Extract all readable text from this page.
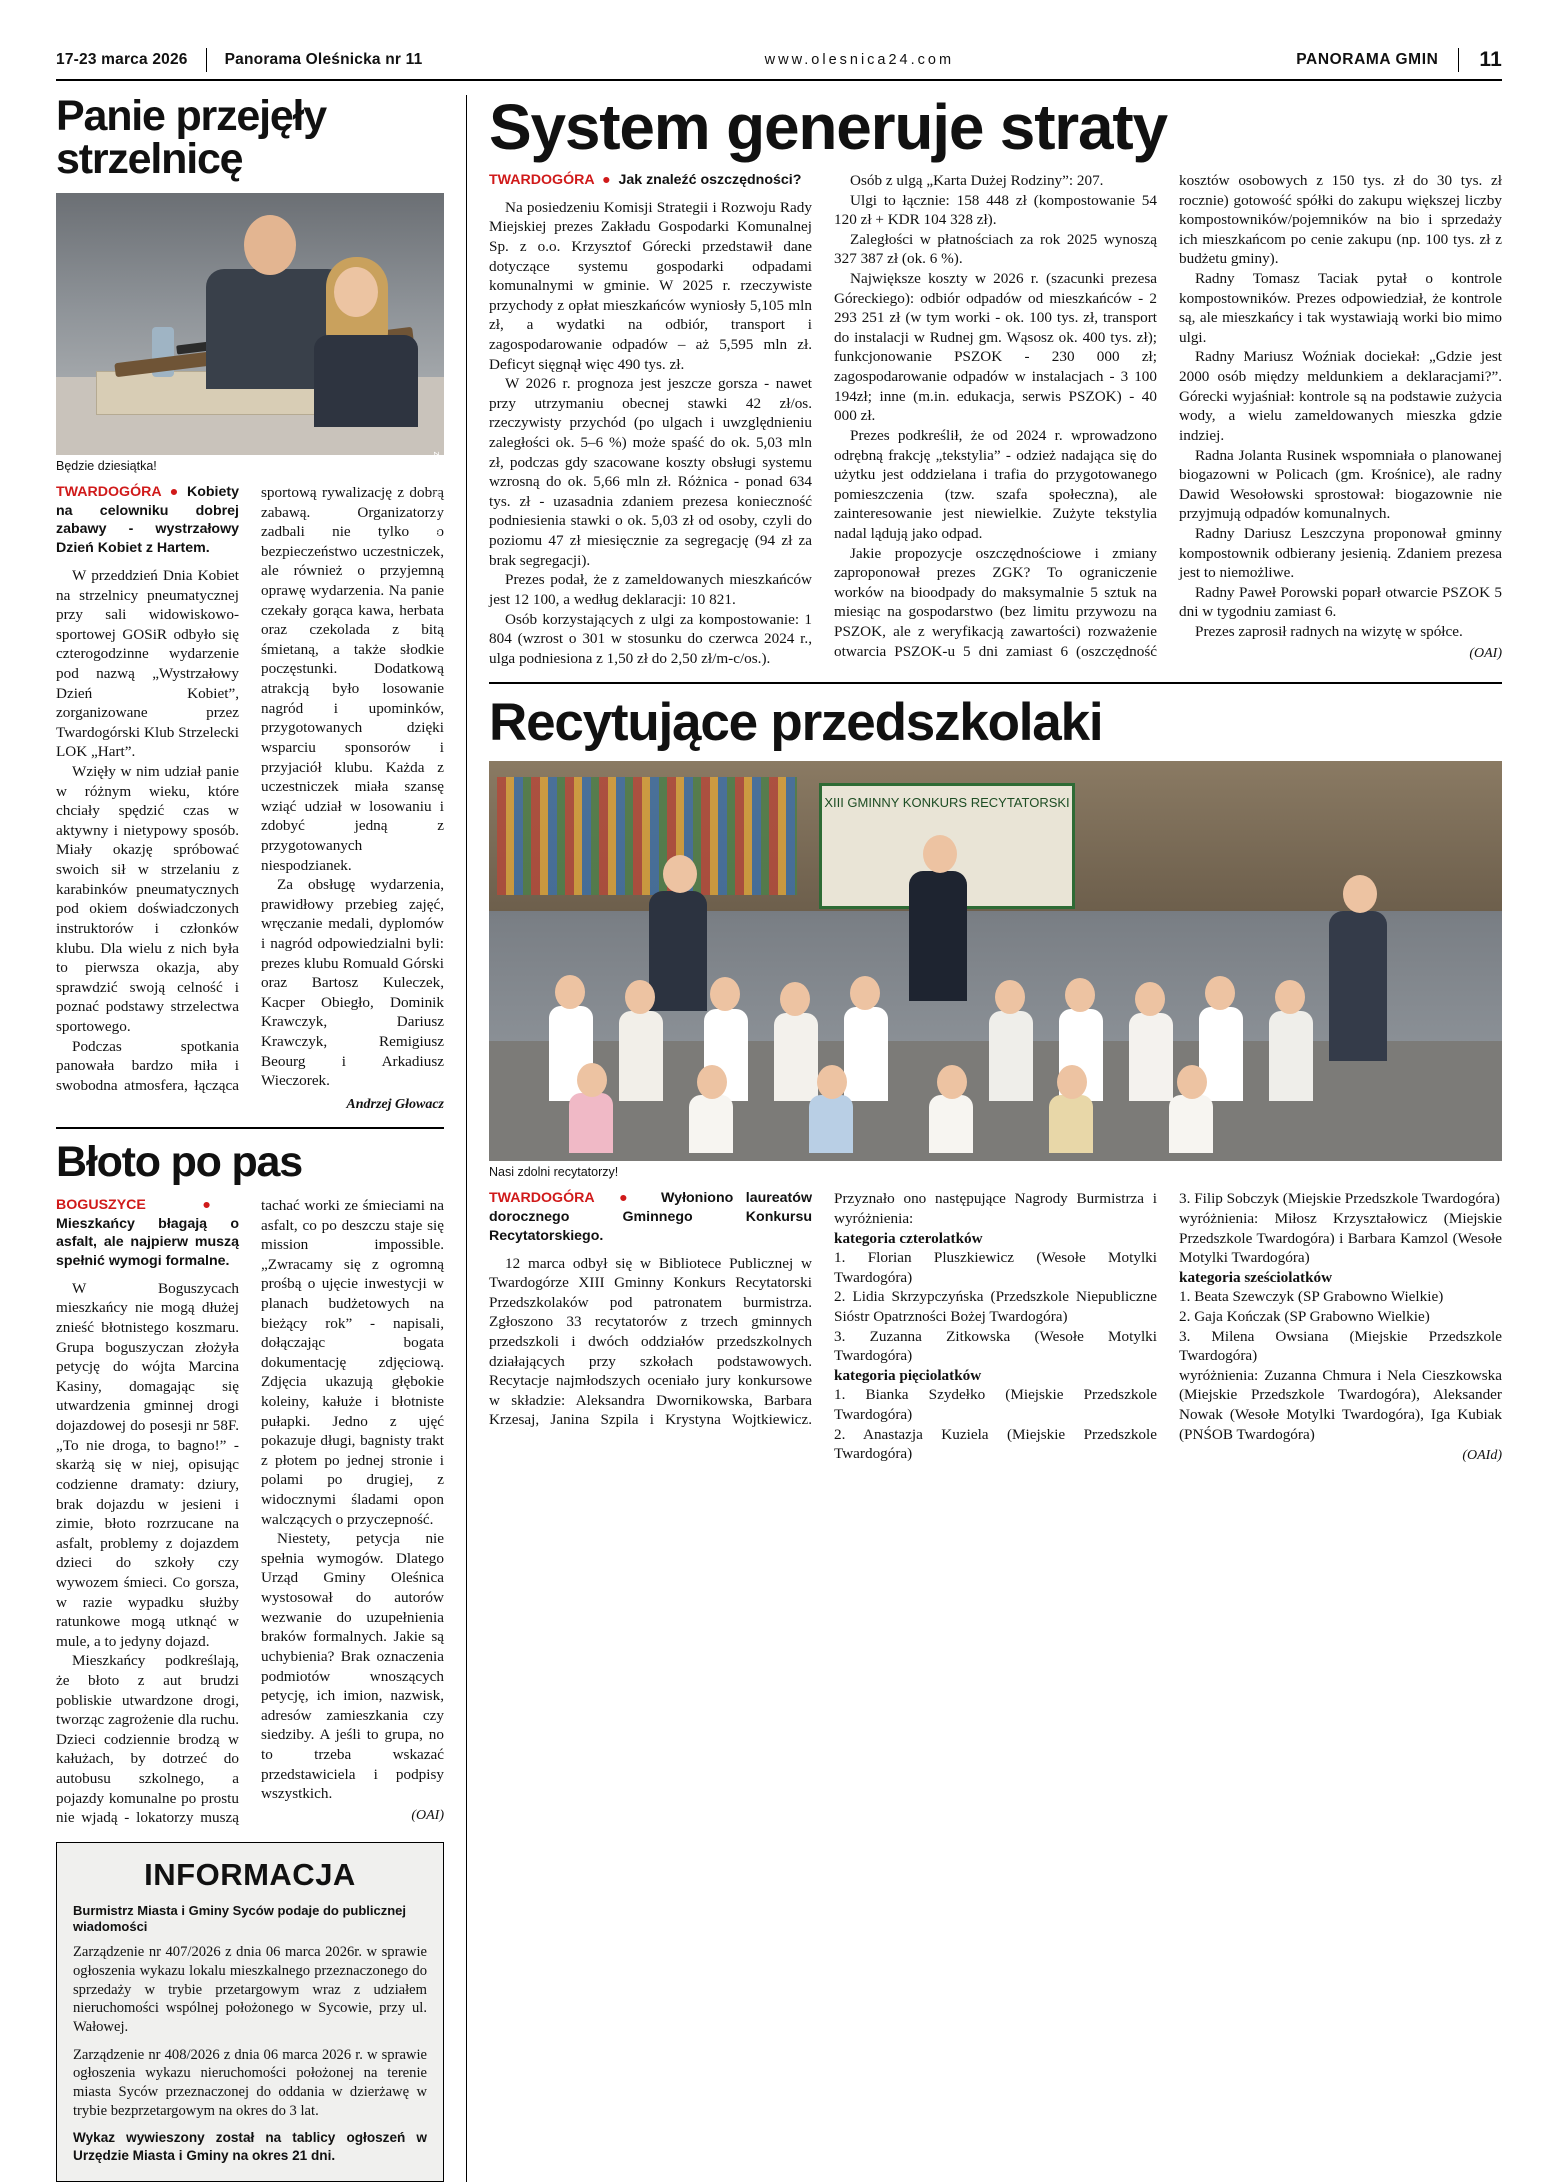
17-23 marca 2026 Panorama Oleśnicka nr 11	www.olesnica24.com	PANORAMA GMIN	11
Panie przejęły strzelnicę
Fot. Andrzej Głowacz
Będzie dziesiątka!
TWARDOGÓRA  ●  Kobiety na celowniku dobrej zabawy - wystrzałowy Dzień Kobiet z Hartem.

W przeddzień Dnia Kobiet na strzelnicy pneumatycznej przy sali widowiskowo-sportowej GOSiR odbyło się czterogodzinne wydarzenie pod nazwą „Wystrzałowy Dzień Kobiet”, zorganizowane przez Twardogórski Klub Strzelecki LOK „Hart”.

Wzięły w nim udział panie w różnym wieku, które chciały spędzić czas w aktywny i nietypowy sposób. Miały okazję spróbować swoich sił w strzelaniu z karabinków pneumatycznych pod okiem doświadczonych instruktorów i członków klubu. Dla wielu z nich była to pierwsza okazja, aby sprawdzić swoją celność i poznać podstawy strzelectwa sportowego.

Podczas spotkania panowała bardzo miła i swobodna atmosfera, łącząca sportową rywalizację z dobrą zabawą. Organizatorzy zadbali nie tylko o bezpieczeństwo uczestniczek, ale również o przyjemną oprawę wydarzenia. Na panie czekały gorąca kawa, herbata oraz czekolada z bitą śmietaną, a także słodkie poczęstunki. Dodatkową atrakcją było losowanie nagród i upominków, przygotowanych dzięki wsparciu sponsorów i przyjaciół klubu. Każda z uczestniczek miała szansę wziąć udział w losowaniu i zdobyć jedną z przygotowanych niespodzianek.

Za obsługę wydarzenia, prawidłowy przebieg zajęć, wręczanie medali, dyplomów i nagród odpowiedzialni byli: prezes klubu Romuald Górski oraz Bartosz Kuleczek, Kacper Obiegło, Dominik Krawczyk, Dariusz Krawczyk, Remigiusz Beourg i Arkadiusz Wieczorek.

Andrzej Głowacz
Błoto po pas
BOGUSZYCE  ●  Mieszkańcy błagają o asfalt, ale najpierw muszą spełnić wymogi formalne.

W Boguszycach mieszkańcy nie mogą dłużej znieść błotnistego koszmaru. Grupa boguszyczan złożyła petycję do wójta Marcina Kasiny, domagając się utwardzenia gminnej drogi dojazdowej do posesji nr 58F. „To nie droga, to bagno!” - skarżą się w niej, opisując codzienne dramaty: dziury, brak dojazdu w jesieni i zimie, błoto rozrzucane na asfalt, problemy z dojazdem dzieci do szkoły czy wywozem śmieci. Co gorsza, w razie wypadku służby ratunkowe mogą utknąć w mule, a to jedyny dojazd.

Mieszkańcy podkreślają, że błoto z aut brudzi pobliskie utwardzone drogi, tworząc zagrożenie dla ruchu. Dzieci codziennie brodzą w kałużach, by dotrzeć do autobusu szkolnego, a pojazdy komunalne po prostu nie wjadą - lokatorzy muszą tachać worki ze śmieciami na asfalt, co po deszczu staje się mission impossible. „Zwracamy się z ogromną prośbą o ujęcie inwestycji w planach budżetowych na bieżący rok” - napisali, dołączając bogata dokumentację zdjęciową. Zdjęcia ukazują głębokie koleiny, kałuże i błotniste pułapki. Jedno z ujęć pokazuje długi, bagnisty trakt z płotem po jednej stronie i polami po drugiej, z widocznymi śladami opon walczących o przyczepność.

Niestety, petycja nie spełnia wymogów. Dlatego Urząd Gminy Oleśnica wystosował do autorów wezwanie do uzupełnienia braków formalnych. Jakie są uchybienia? Brak oznaczenia podmiotów wnoszących petycję, ich imion, nazwisk, adresów zamieszkania czy siedziby. A jeśli to grupa, no to trzeba wskazać przedstawiciela i podpisy wszystkich.

(OAI)
INFORMACJA
Burmistrz Miasta i Gminy Syców podaje do publicznej wiadomości

Zarządzenie nr 407/2026 z dnia 06 marca 2026r. w sprawie ogłoszenia wykazu lokalu mieszkalnego przeznaczonego do sprzedaży w trybie przetargowym wraz z udziałem nieruchomości wspólnej położonego w Sycowie, przy ul. Wałowej.

Zarządzenie nr 408/2026 z dnia 06 marca 2026 r. w sprawie ogłoszenia wykazu nieruchomości położonej na terenie miasta Syców przeznaczonej do oddania w dzierżawę w trybie bezprzetargowym na okres do 3 lat.

Wykaz wywieszony został na tablicy ogłoszeń w Urzędzie Miasta i Gminy na okres 21 dni.

System generuje straty
TWARDOGÓRA  ●  Jak znaleźć oszczędności?

Na posiedzeniu Komisji Strategii i Rozwoju Rady Miejskiej prezes Zakładu Gospodarki Komunalnej Sp. z o.o. Krzysztof Górecki przedstawił dane dotyczące systemu gospodarki odpadami komunalnymi w gminie. W 2025 r. rzeczywiste przychody z opłat mieszkańców wyniosły 5,105 mln zł, a wydatki na odbiór, transport i zagospodarowanie odpadów – aż 5,595 mln zł. Deficyt sięgnął więc 490 tys. zł.

W 2026 r. prognoza jest jeszcze gorsza - nawet przy utrzymaniu obecnej stawki 42 zł/os. rzeczywisty przychód (po ulgach i uwzględnieniu zaległości ok. 5–6 %) może spaść do ok. 5,03 mln zł, podczas gdy szacowane koszty obsługi systemu wzrosną do ok. 5,66 mln zł. Różnica - ponad 634 tys. zł - uzasadnia zdaniem prezesa konieczność podniesienia stawki o ok. 5,03 zł od osoby, czyli do poziomu 47 zł miesięcznie za segregację (94 zł za brak segregacji).

Prezes podał, że z zameldowanych mieszkańców jest 12 100, a według deklaracji: 10 821.

Osób korzystających z ulgi za kompostowanie: 1 804 (wzrost o 301 w stosunku do czerwca 2024 r., ulga podniesiona z 1,50 zł do 2,50 zł/m-c/os.).

Osób z ulgą „Karta Dużej Rodziny”: 207.

Ulgi to łącznie: 158 448 zł (kompostowanie 54 120 zł + KDR 104 328 zł).

Zaległości w płatnościach za rok 2025 wynoszą 327 387 zł (ok. 6 %).

Największe koszty w 2026 r. (szacunki prezesa Góreckiego): odbiór odpadów od mieszkańców - 2 293 251 zł (w tym worki - ok. 100 tys. zł, transport do instalacji w Rudnej gm. Wąsosz ok. 400 tys. zł); funkcjonowanie PSZOK - 230 000 zł; zagospodarowanie odpadów w instalacjach - 3 100 194zł; inne (m.in. edukacja, serwis PSZOK) - 40 000 zł.

Prezes podkreślił, że od 2024 r. wprowadzono odrębną frakcję „tekstylia” - odzież nadająca się do użytku jest oddzielana i trafia do przygotowanego pomieszczenia (tzw. szafa społeczna), ale zainteresowanie jest niewielkie. Zużyte tekstylia nadal lądują jako odpad.

Jakie propozycje oszczędnościowe i zmiany zaproponował prezes ZGK? To ograniczenie worków na bioodpady do maksymalnie 5 sztuk na miesiąc na gospodarstwo (bez limitu przywozu na PSZOK, ale z weryfikacją zawartości) rozważenie otwarcia PSZOK-u 5 dni zamiast 6 (oszczędność kosztów osobowych z 150 tys. zł do 30 tys. zł rocznie) gotowość spółki do zakupu większej liczby kompostowników/pojemników na bio i sprzedaży ich mieszkańcom po cenie zakupu (np. 100 tys. zł z budżetu gminy).

Radny Tomasz Taciak pytał o kontrole kompostowników. Prezes odpowiedział, że kontrole są, ale mieszkańcy i tak wystawiają worki bio mimo ulgi.

Radny Mariusz Woźniak dociekał: „Gdzie jest 2000 osób między meldunkiem a deklaracjami?”. Górecki wyjaśniał: kontrole są na podstawie zużycia wody, a wielu zameldowanych mieszka gdzie indziej.

Radna Jolanta Rusinek wspomniała o planowanej biogazowni w Policach (gm. Krośnice), ale radny Dawid Wesołowski sprostował: biogazownie nie przyjmują odpadów komunalnych.

Radny Dariusz Leszczyna proponował gminny kompostownik odbierany jesienią. Zdaniem prezesa jest to niemożliwe.

Radny Paweł Porowski poparł otwarcie PSZOK 5 dni w tygodniu zamiast 6.

Prezes zaprosił radnych na wizytę w spółce.

(OAI)
Recytujące przedszkolaki
XIII GMINNY KONKURS RECYTATORSKI
Nasi zdolni recytatorzy!
TWARDOGÓRA  ●  Wyłoniono laureatów dorocznego Gminnego Konkursu Recytatorskiego.

12 marca odbył się w Bibliotece Publicznej w Twardogórze XIII Gminny Konkurs Recytatorski Przedszkolaków pod patronatem burmistrza. Zgłoszono 33 recytatorów z trzech gminnych przedszkoli i dwóch oddziałów przedszkolnych działających przy szkołach podstawowych. Recytacje najmłodszych oceniało jury konkursowe w składzie: Aleksandra Dwornikowska, Barbara Krzesaj, Janina Szpila i Krystyna Wojtkiewicz. Przyznało ono następujące Nagrody Burmistrza i wyróżnienia:

kategoria czterolatków

1. Florian Pluszkiewicz (Wesołe Motylki Twardogóra)

2. Lidia Skrzypczyńska (Przedszkole Niepubliczne Sióstr Opatrzności Bożej Twardogóra)

3. Zuzanna Zitkowska (Wesołe Motylki Twardogóra)

kategoria pięciolatków

1. Bianka Szydełko (Miejskie Przedszkole Twardogóra)

2. Anastazja Kuziela (Miejskie Przedszkole Twardogóra)

3. Filip Sobczyk (Miejskie Przedszkole Twardogóra)

wyróżnienia: Miłosz Krzyształowicz (Miejskie Przedszkole Twardogóra) i Barbara Kamzol (Wesołe Motylki Twardogóra)

kategoria sześciolatków

1. Beata Szewczyk (SP Grabowno Wielkie)

2. Gaja Kończak (SP Grabowno Wielkie)

3. Milena Owsiana (Miejskie Przedszkole Twardogóra)

wyróżnienia: Zuzanna Chmura i Nela Cieszkowska (Miejskie Przedszkole Twardogóra), Aleksander Nowak (Wesołe Motylki Twardogóra), Iga Kubiak (PNŚOB Twardogóra)

(OAId)
